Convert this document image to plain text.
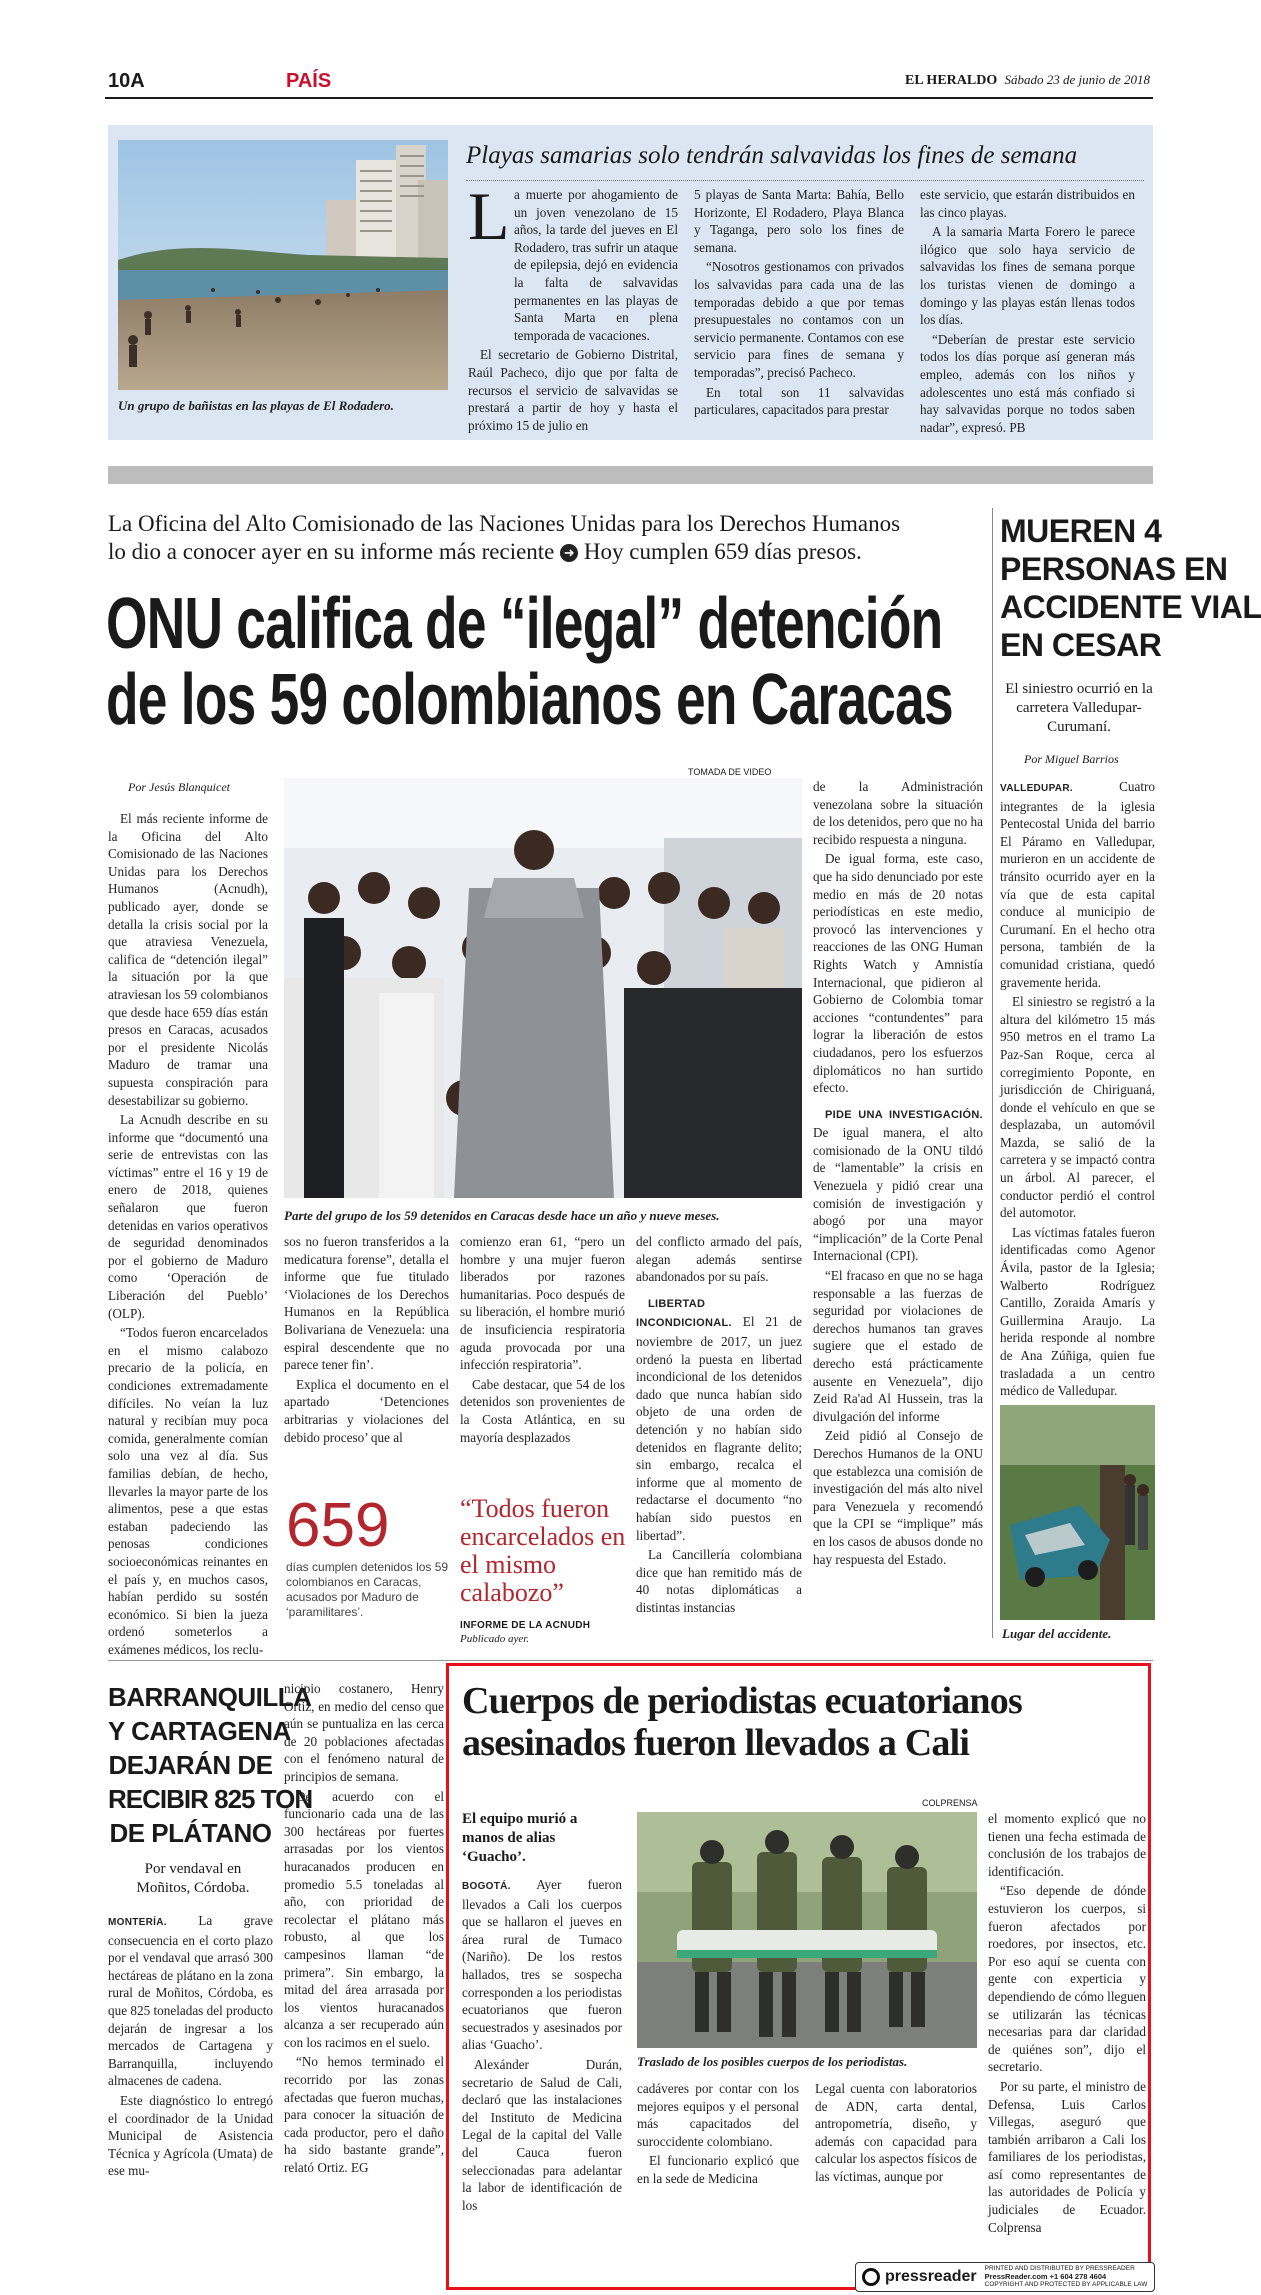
10A	PAÍS	EL HERALDO Sábado 23 de junio de 2018
Un grupo de bañistas en las playas de El Rodadero.
Playas samarias solo tendrán salvavidas los fines de semana
L a muerte por ahogamiento de un joven venezolano de 15 años, la tarde del jueves en El Rodadero, tras sufrir un ataque de epilepsia, dejó en evidencia la falta de salvavidas permanentes en las playas de Santa Marta en plena temporada de vacaciones.

El secretario de Gobierno Distrital, Raúl Pacheco, dijo que por falta de recursos el servicio de salvavidas se prestará a partir de hoy y hasta el próximo 15 de julio en

5 playas de Santa Marta: Bahía, Bello Horizonte, El Rodadero, Playa Blanca y Taganga, pero solo los fines de semana.

“Nosotros gestionamos con privados los salvavidas para cada una de las temporadas debido a que por temas presupuestales no contamos con un servicio permanente. Contamos con ese servicio para fines de semana y temporadas”, precisó Pacheco.

En total son 11 salvavidas particulares, capacitados para prestar

este servicio, que estarán distribuidos en las cinco playas.

A la samaria Marta Forero le parece ilógico que solo haya servicio de salvavidas los fines de semana porque los turistas vienen de domingo a domingo y las playas están llenas todos los días.

“Deberían de prestar este servicio todos los días porque así generan más empleo, además con los niños y adolescentes uno está más confiado si hay salvavidas porque no todos saben nadar”, expresó. PB

La Oficina del Alto Comisionado de las Naciones Unidas para los Derechos Humanos
lo dio a conocer ayer en su informe más reciente ➜ Hoy cumplen 659 días presos.
ONU califica de “ilegal” detención
de los 59 colombianos en Caracas
Por Jesús Blanquicet
TOMADA DE VIDEO

El más reciente informe de la Oficina del Alto Comisionado de las Naciones Unidas para los Derechos Humanos (Acnudh), publicado ayer, donde se detalla la crisis social por la que atraviesa Venezuela, califica de “detención ilegal” la situación por la que atraviesan los 59 colombianos que desde hace 659 días están presos en Caracas, acusados por el presidente Nicolás Maduro de tramar una supuesta conspiración para desestabilizar su gobierno.

La Acnudh describe en su informe que “documentó una serie de entrevistas con las víctimas” entre el 16 y 19 de enero de 2018, quienes señalaron que fueron detenidas en varios operativos de seguridad denominados por el gobierno de Maduro como ‘Operación de Liberación del Pueblo’ (OLP).

“Todos fueron encarcelados en el mismo calabozo precario de la policía, en condiciones extremadamente difíciles. No veían la luz natural y recibían muy poca comida, generalmente comían solo una vez al día. Sus familias debían, de hecho, llevarles la mayor parte de los alimentos, pese a que estas estaban padeciendo las penosas condiciones socioeconómicas reinantes en el país y, en muchos casos, habían perdido su sostén económico. Si bien la jueza ordenó someterlos a exámenes médicos, los reclu-

Parte del grupo de los 59 detenidos en Caracas desde hace un año y nueve meses.

sos no fueron transferidos a la medicatura forense”, detalla el informe que fue titulado ‘Violaciones de los Derechos Humanos en la República Bolivariana de Venezuela: una espiral descendente que no parece tener fin’.

Explica el documento en el apartado ‘Detenciones arbitrarias y violaciones del debido proceso’ que al

comienzo eran 61, “pero un hombre y una mujer fueron liberados por razones humanitarias. Poco después de su liberación, el hombre murió de insuficiencia respiratoria aguda provocada por una infección respiratoria”.

Cabe destacar, que 54 de los detenidos son provenientes de la Costa Atlántica, en su mayoría desplazados

del conflicto armado del país, alegan además sentirse abandonados por su país.

LIBERTAD INCONDICIONAL. El 21 de noviembre de 2017, un juez ordenó la puesta en libertad incondicional de los detenidos dado que nunca habían sido objeto de una orden de detención y no habían sido detenidos en flagrante delito; sin embargo, recalca el informe que al momento de redactarse el documento “no habían sido puestos en libertad”.

La Cancillería colombiana dice que han remitido más de 40 notas diplomáticas a distintas instancias

659
días cumplen detenidos los 59 colombianos en Caracas, acusados por Maduro de ‘paramilitares’.
“Todos fueron encarcelados en el mismo calabozo”
INFORME DE LA ACNUDH
Publicado ayer.

de la Administración venezolana sobre la situación de los detenidos, pero que no ha recibido respuesta a ninguna.

De igual forma, este caso, que ha sido denunciado por este medio en más de 20 notas periodísticas en este medio, provocó las intervenciones y reacciones de las ONG Human Rights Watch y Amnistía Internacional, que pidieron al Gobierno de Colombia tomar acciones “contundentes” para lograr la liberación de estos ciudadanos, pero los esfuerzos diplomáticos no han surtido efecto.

PIDE UNA INVESTIGACIÓN. De igual manera, el alto comisionado de la ONU tildó de “lamentable” la crisis en Venezuela y pidió crear una comisión de investigación y abogó por una mayor “implicación” de la Corte Penal Internacional (CPI).

“El fracaso en que no se haga responsable a las fuerzas de seguridad por violaciones de derechos humanos tan graves sugiere que el estado de derecho está prácticamente ausente en Venezuela”, dijo Zeid Ra'ad Al Hussein, tras la divulgación del informe

Zeid pidió al Consejo de Derechos Humanos de la ONU que establezca una comisión de investigación del más alto nivel para Venezuela y recomendó que la CPI se “implique” más en los casos de abusos donde no hay respuesta del Estado.

MUEREN 4
PERSONAS EN
ACCIDENTE VIAL
EN CESAR
El siniestro ocurrió en la carretera Valledupar-Curumaní.
Por Miguel Barrios

VALLEDUPAR.	Cuatro integrantes de la iglesia Pentecostal Unida del barrio El Páramo en Valledupar, murieron en un accidente de tránsito ocurrido ayer en la vía que de esta capital conduce al municipio de Curumaní. En el hecho otra persona, también de la comunidad cristiana, quedó gravemente herida.

El siniestro se registró a la altura del kilómetro 15 más 950 metros en el tramo La Paz-San Roque, cerca al corregimiento Poponte, en jurisdicción de Chiriguaná, donde el vehículo en que se desplazaba, un automóvil Mazda, se salió de la carretera y se impactó contra un árbol. Al parecer, el conductor perdió el control del automotor.

Las víctimas fatales fueron identificadas como Agenor Ávila, pastor de la Iglesia; Walberto Rodríguez Cantillo, Zoraida Amarís y Guillermina Araujo. La herida responde al nombre de Ana Zúñiga, quien fue trasladada a un centro médico de Valledupar.

Lugar del accidente.
BARRANQUILLA
Y CARTAGENA
DEJARÁN DE
RECIBIR 825 TON
DE PLÁTANO
Por vendaval en Moñitos, Córdoba.

MONTERÍA. La grave consecuencia en el corto plazo por el vendaval que arrasó 300 hectáreas de plátano en la zona rural de Moñitos, Córdoba, es que 825 toneladas del producto dejarán de ingresar a los mercados de Cartagena y Barranquilla, incluyendo almacenes de cadena.

Este diagnóstico lo entregó el coordinador de la Unidad Municipal de Asistencia Técnica y Agrícola (Umata) de ese mu-

nicipio costanero, Henry Ortiz, en medio del censo que aún se puntualiza en las cerca de 20 poblaciones afectadas con el fenómeno natural de principios de semana.

De acuerdo con el funcionario cada una de las 300 hectáreas por fuertes arrasadas por los vientos huracanados producen en promedio 5.5 toneladas al año, con prioridad de recolectar el plátano más robusto, al que los campesinos llaman “de primera”. Sin embargo, la mitad del área arrasada por los vientos huracanados alcanza a ser recuperado aún con los racimos en el suelo.

“No hemos terminado el recorrido por las zonas afectadas que fueron muchas, para conocer la situación de cada productor, pero el daño ha sido bastante grande”, relató Ortiz. EG

Cuerpos de periodistas ecuatorianos
asesinados fueron llevados a Cali
El equipo murió a manos de alias ‘Guacho’.
COLPRENSA
Traslado de los posibles cuerpos de los periodistas.

BOGOTÁ. Ayer fueron llevados a Cali los cuerpos que se hallaron el jueves en área rural de Tumaco (Nariño). De los restos hallados, tres se sospecha corresponden a los periodistas ecuatorianos que fueron secuestrados y asesinados por alias ‘Guacho’.

Alexánder Durán, secretario de Salud de Cali, declaró que las instalaciones del Instituto de Medicina Legal de la capital del Valle del Cauca fueron seleccionadas para adelantar la labor de identificación de los

cadáveres por contar con los mejores equipos y el personal más capacitados del suroccidente colombiano.

El funcionario explicó que en la sede de Medicina

Legal cuenta con laboratorios de ADN, carta dental, antropometría, diseño, y además con capacidad para calcular los aspectos físicos de las víctimas, aunque por

el momento explicó que no tienen una fecha estimada de conclusión de los trabajos de identificación.

“Eso depende de dónde estuvieron los cuerpos, si fueron afectados por roedores, por insectos, etc. Por eso aquí se cuenta con gente con experticia y dependiendo de cómo lleguen se utilizarán las técnicas necesarias para dar claridad de quiénes son”, dijo el secretario.

Por su parte, el ministro de Defensa, Luis Carlos Villegas, aseguró que también arribaron a Cali los familiares de los periodistas, así como representantes de las autoridades de Policía y judiciales de Ecuador. Colprensa

pressreader PRINTED AND DISTRIBUTED BY PRESSREADER
PressReader.com +1 604 278 4604
COPYRIGHT AND PROTECTED BY APPLICABLE LAW
